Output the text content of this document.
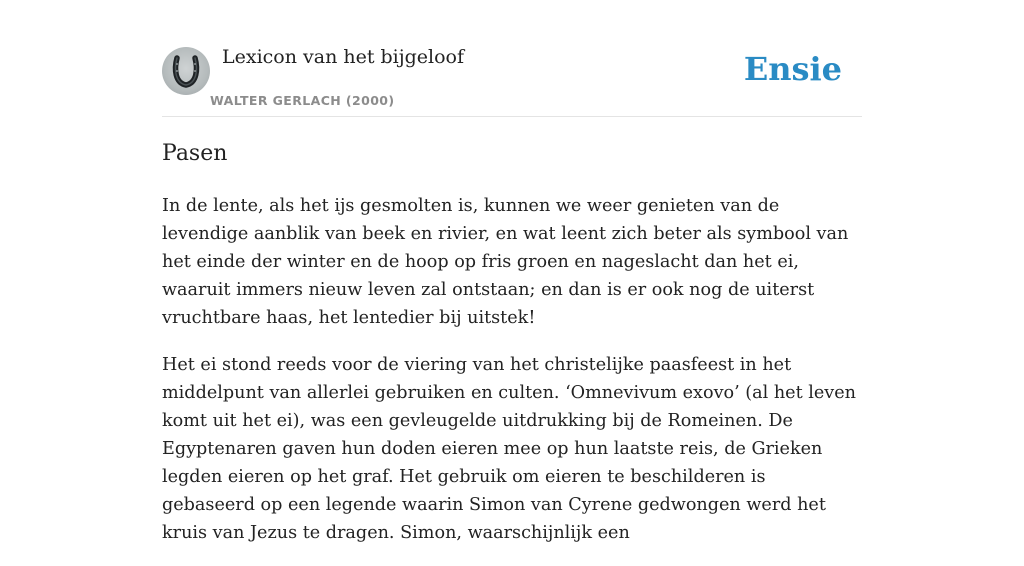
Lexicon van het bijgeloof
WALTER GERLACH (2000)
Ensie
Pasen

In de lente, als het ijs gesmolten is, kunnen we weer genieten van de levendige aanblik van beek en rivier, en wat leent zich beter als symbool van het einde der winter en de hoop op fris groen en nageslacht dan het ei, waaruit immers nieuw leven zal ontstaan; en dan is er ook nog de uiterst vruchtbare haas, het lentedier bij uitstek!

Het ei stond reeds voor de viering van het christelijke paasfeest in het middelpunt van allerlei gebruiken en culten. ‘Omnevivum exovo’ (al het leven komt uit het ei), was een gevleugelde uitdrukking bij de Romeinen. De Egyptenaren gaven hun doden eieren mee op hun laatste reis, de Grieken legden eieren op het graf. Het gebruik om eieren te beschilderen is gebaseerd op een legende waarin Simon van Cyrene gedwongen werd het kruis van Jezus te dragen. Simon, waarschijnlijk een
